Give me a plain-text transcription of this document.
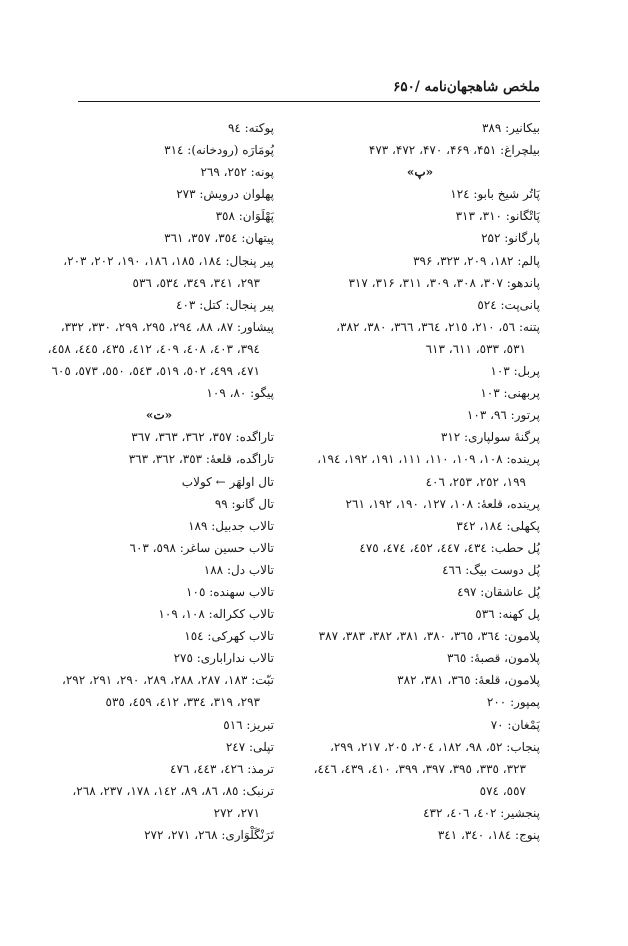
ملخص شاهجهان‌نامه /۶۵۰
بیکانیر: ۳۸۹
بیلچراغ: ۴۵۱، ۴۶۹، ۴۷۰، ۴۷۲، ۴۷۳
«پ»
پَاتُر شیخ بابو: ۱۲٤
پَاتْگانو: ۳۱۰، ۳۱۳
پارگانو: ۲۵۲
پالم: ۱۸۲، ۲۰۹، ۳۲۳، ۳۹۶
پاندهو: ۳۰۷، ۳۰۸، ۳۰۹، ۳۱۱، ۳۱۶، ۳۱۷
پانی‌پت: ٥٢٤
پتنه: ٥٦، ۲۱۰، ۲۱٥، ۳٦٤، ۳٦٦، ۳۸۰، ۳۸۲،
٥۳۱، ٥۳۳، ٦۱۱، ٦۱۳
پربل: ۱۰۳
پربهنی: ۱۰۳
پرتور: ۹٦، ۱۰۳
پرگنهٔ سولپاری: ۳۱۲
پرینده: ۱۰۸، ۱۰۹، ۱۱۰، ۱۱۱، ۱۹۱، ۱۹۲، ۱۹٤،
۱۹۹، ۲٥۲، ۲٥۳، ٤۰٦
پرینده، قلعهٔ: ۱۰۸، ۱۲۷، ۱۹۰، ۱۹۲، ۲٦۱
پکهلی: ۱۸٤، ۳٤۲
پُل حطب: ٤۳٤، ٤٤۷، ٤٥۲، ٤۷٤، ٤۷٥
پُل دوست بیگ: ٤٦٦
پُل عاشقان: ٤۹۷
پل کهنه: ٥۳٦
پلامون: ۳٦٤، ۳٦٥، ۳۸۰، ۳۸۱، ۳۸۲، ۳۸۳، ۳۸۷
پلامون، قصبهٔ: ۳٦٥
پلامون، قلعهٔ: ۳٦٥، ۳۸۱، ۳۸۲
پمپور: ۲۰۰
پَمْغان: ۷۰
پنجاب: ٥۲، ۹۸، ۱۸۲، ۲۰٤، ۲۰٥، ۲۱۷، ۲۹۹،
۳۲۳، ۳۳٥، ۳۹٥، ۳۹۷، ۳۹۹، ٤۱۰، ٤۳۹، ٤٤٦،
٥٥۷، ٥۷٤
پنجشیر: ٤۰۲، ٤۰٦، ٤۳۲
پنوج: ۱۸٤، ۳٤۰، ۳٤۱
پوکته: ۹٤
پُومَارَه (رودخانه): ۳۱٤
پونه: ۲٥۲، ۲٦۹
پهلوان درویش: ۲۷۳
پَهْلَوَان: ۳٥۸
پیتهان: ۳٥٤، ۳٥۷، ۳٦۱
پیر پنجال: ۱۸٤، ۱۸٥، ۱۸٦، ۱۹۰، ۲۰۲، ۲۰۳،
۲۹۳، ۳٤۱، ۳٤۹، ٥۳٤، ٥۳٦
پیر پنجال: کتل: ٤۰۳
پیشاور: ۸۷، ۸۸، ۲۹٤، ۲۹٥، ۲۹۹، ۳۳۰، ۳۳۲،
۳۹٤، ٤۰۳، ٤۰۸، ٤۰۹، ٤۱۲، ٤۳٥، ٤٤٥، ٤٥۸،
٤۷۱، ٤۹۹، ٥۰۲، ٥۱۹، ٥٤۳، ٥٥۰، ٥۷۳، ٦۰٥
پیگو: ۸۰، ۱۰۹
«ت»
تاراگده: ۳٥۷، ۳٦۲، ۳٦۳، ۳٦۷
تاراگده، قلعهٔ: ۳٥۳، ۳٦۲، ۳٦۳
تال اولهَر ← کولاب
تال گانو: ۹۹
تالاب جدبیل: ۱۸۹
تالاب حسین ساغر: ٥۹۸، ٦۰۳
تالاب دل: ۱۸۸
تالاب سهنده: ۱۰٥
تالاب ککراله: ۱۰۸، ۱۰۹
تالاب کهرکی: ۱٥٤
تالاب نداراباری: ۲۷٥
تبّت: ۱۸۳، ۲۸۷، ۲۸۸، ۲۸۹، ۲۹۰، ۲۹۱، ۲۹۲،
۲۹۳، ۳۱۹، ۳۳٤، ٤۱۲، ٤٥۹، ٥۳٥
تبریز: ٥۱٦
تپلی: ۲٤۷
ترمذ: ٤۲٦، ٤٤۳، ٤۷٦
ترنبک: ۸٥، ۸٦، ۸۹، ۱٤۲، ۱۷۸، ۲۳۷، ۲٦۸،
۲۷۱، ۲۷۲
تَرَنْگَلْوَاری: ۲٦۸، ۲۷۱، ۲۷۲
